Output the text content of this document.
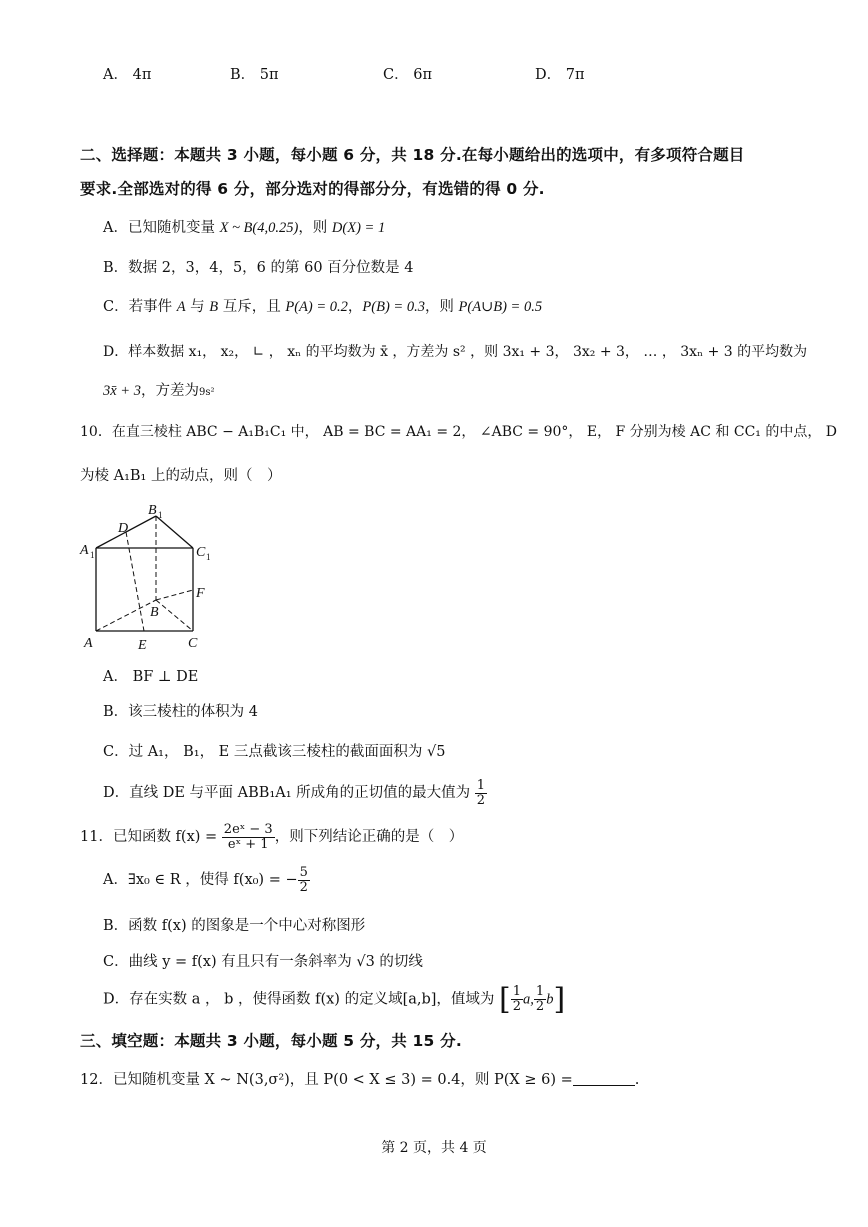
A． 4π	B． 5π	C． 6π	D． 7π
二、选择题：本题共 3 小题，每小题 6 分，共 18 分.在每小题给出的选项中，有多项符合题目
要求.全部选对的得 6 分，部分选对的得部分分，有选错的得 0 分.
A．已知随机变量 X ~ B(4,0.25)，则 D(X) = 1
B．数据 2，3，4，5，6 的第 60 百分位数是 4
C．若事件 A 与 B 互斥，且 P(A) = 0.2，P(B) = 0.3，则 P(A∪B) = 0.5
D．样本数据 x₁， x₂， ∟ ， xₙ 的平均数为 x̄ ，方差为 s² ，则 3x₁ + 3， 3x₂ + 3， … ， 3xₙ + 3 的平均数为
3x̄ + 3，方差为9s²
10．在直三棱柱 ABC − A₁B₁C₁ 中， AB = BC = AA₁ = 2， ∠ABC = 90°， E， F 分别为棱 AC 和 CC₁ 的中点， D
为棱 A₁B₁ 上的动点，则（　）
B 1
D
A 1	C 1
F
B
A	E	C
A． BF ⊥ DE
B．该三棱柱的体积为 4
C．过 A₁， B₁， E 三点截该三棱柱的截面面积为 √5
D．直线 DE 与平面 ABB₁A₁ 所成角的正切值的最大值为 $\frac{1}{2}$
11．已知函数 $f(x) = \frac{\text{2eˣ − 3}}{\text{eˣ + 1}}$ ，则下列结论正确的是（　）
A．∃x₀ ∈ R ，使得 f(x₀) = − $\frac{5}{2}$
B．函数 f(x) 的图象是一个中心对称图形
C．曲线 y = f(x) 有且只有一条斜率为 √3 的切线
D．存在实数 a ， b ，使得函数 f(x) 的定义域[a,b]，值域为 [ $\frac{1}{2} a$, $\frac{1}{2} b$]
三、填空题：本题共 3 小题，每小题 5 分，共 15 分.
12．已知随机变量 X ~ N(3,σ²)，且 P(0 < X ≤ 3) = 0.4，则 P(X ≥ 6) =	.
第 2 页，共 4 页
